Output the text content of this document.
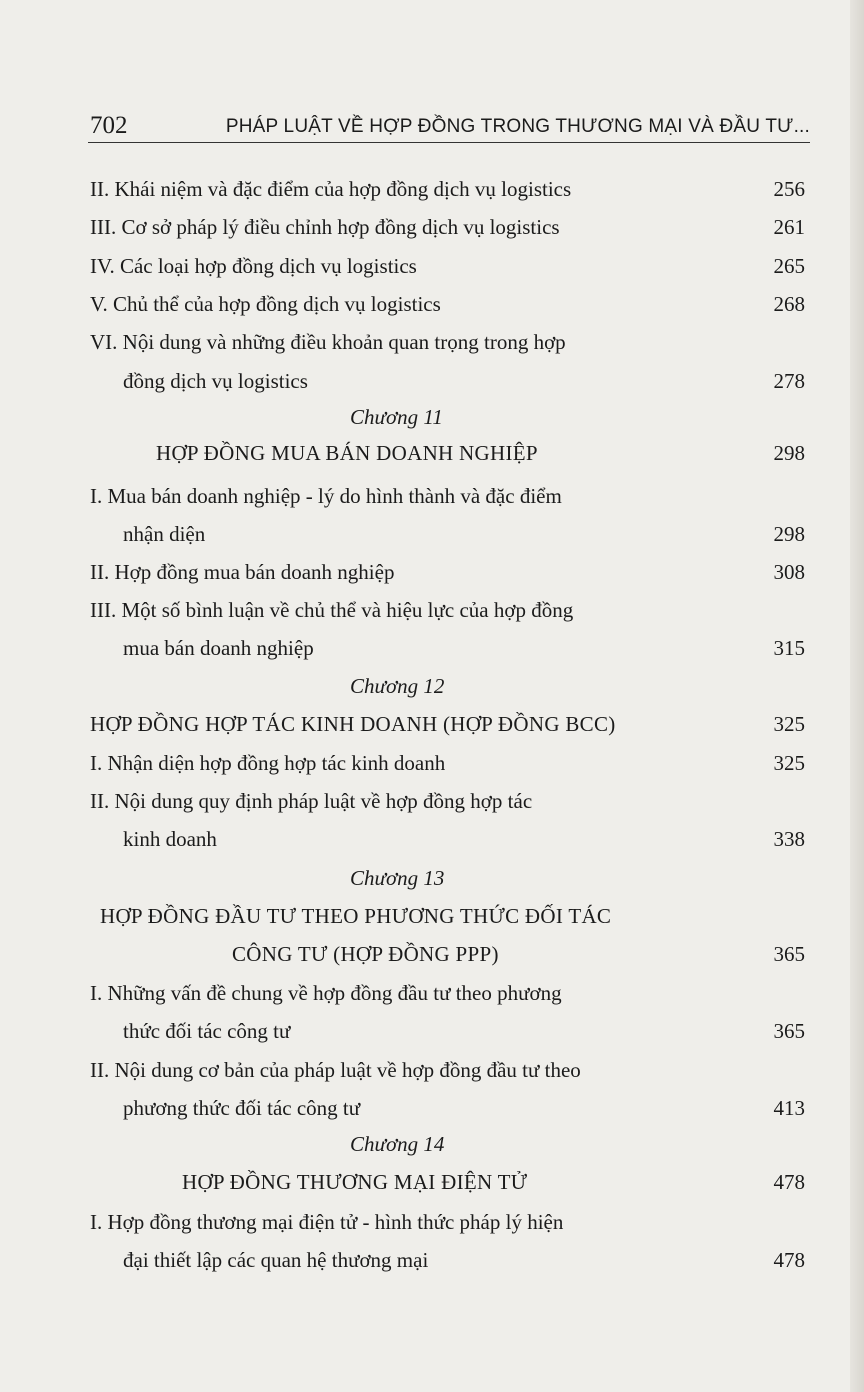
702	PHÁP LUẬT VỀ HỢP ĐỒNG TRONG THƯƠNG MẠI VÀ ĐẦU TƯ...
II. Khái niệm và đặc điểm của hợp đồng dịch vụ logistics	256
III. Cơ sở pháp lý điều chỉnh hợp đồng dịch vụ logistics	261
IV. Các loại hợp đồng dịch vụ logistics	265
V. Chủ thể của hợp đồng dịch vụ logistics	268
VI. Nội dung và những điều khoản quan trọng trong hợp
đồng dịch vụ logistics	278
Chương 11
HỢP ĐỒNG MUA BÁN DOANH NGHIỆP	298
I. Mua bán doanh nghiệp - lý do hình thành và đặc điểm
nhận diện	298
II. Hợp đồng mua bán doanh nghiệp	308
III. Một số bình luận về chủ thể và hiệu lực của hợp đồng
mua bán doanh nghiệp	315
Chương 12
HỢP ĐỒNG HỢP TÁC KINH DOANH (HỢP ĐỒNG BCC)	325
I. Nhận diện hợp đồng hợp tác kinh doanh	325
II. Nội dung quy định pháp luật về hợp đồng hợp tác
kinh doanh	338
Chương 13
HỢP ĐỒNG ĐẦU TƯ THEO PHƯƠNG THỨC ĐỐI TÁC
CÔNG TƯ (HỢP ĐỒNG PPP)	365
I. Những vấn đề chung về hợp đồng đầu tư theo phương
thức đối tác công tư	365
II. Nội dung cơ bản của pháp luật về hợp đồng đầu tư theo
phương thức đối tác công tư	413
Chương 14
HỢP ĐỒNG THƯƠNG MẠI ĐIỆN TỬ	478
I. Hợp đồng thương mại điện tử - hình thức pháp lý hiện
đại thiết lập các quan hệ thương mại	478
